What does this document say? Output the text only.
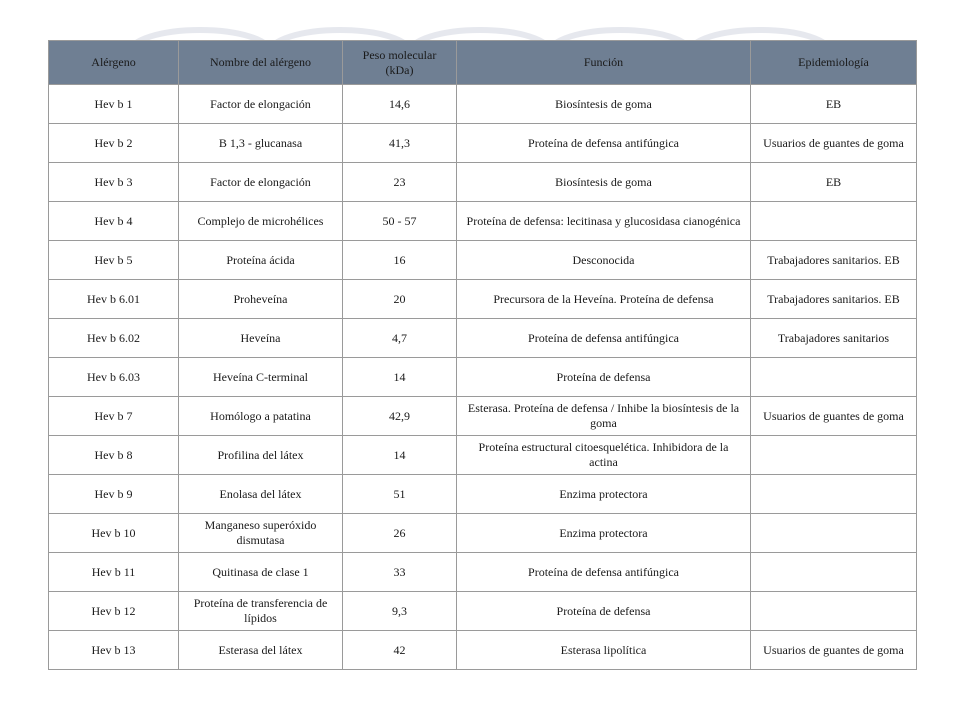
Alérgeno	Nombre del alérgeno	Peso molecular (kDa)	Función	Epidemiología
Hev b 1	Factor de elongación	14,6	Biosíntesis de goma	EB
Hev b 2	B 1,3 - glucanasa	41,3	Proteína de defensa antifúngica	Usuarios de guantes de goma
Hev b 3	Factor de elongación	23	Biosíntesis de goma	EB
Hev b 4	Complejo de microhélices	50 - 57	Proteína de defensa: lecitinasa y glucosidasa cianogénica	
Hev b 5	Proteína ácida	16	Desconocida	Trabajadores sanitarios. EB
Hev b 6.01	Proheveína	20	Precursora de la Heveína. Proteína de defensa	Trabajadores sanitarios. EB
Hev b 6.02	Heveína	4,7	Proteína de defensa antifúngica	Trabajadores sanitarios
Hev b 6.03	Heveína C-terminal	14	Proteína de defensa	
Hev b 7	Homólogo a patatina	42,9	Esterasa. Proteína de defensa / Inhibe la biosíntesis de la goma	Usuarios de guantes de goma
Hev b 8	Profilina del látex	14	Proteína estructural citoesquelética. Inhibidora de la actina	
Hev b 9	Enolasa del látex	51	Enzima protectora	
Hev b 10	Manganeso superóxido dismutasa	26	Enzima protectora	
Hev b 11	Quitinasa de clase 1	33	Proteína de defensa antifúngica	
Hev b 12	Proteína de transferencia de lípidos	9,3	Proteína de defensa	
Hev b 13	Esterasa del látex	42	Esterasa lipolítica	Usuarios de guantes de goma
